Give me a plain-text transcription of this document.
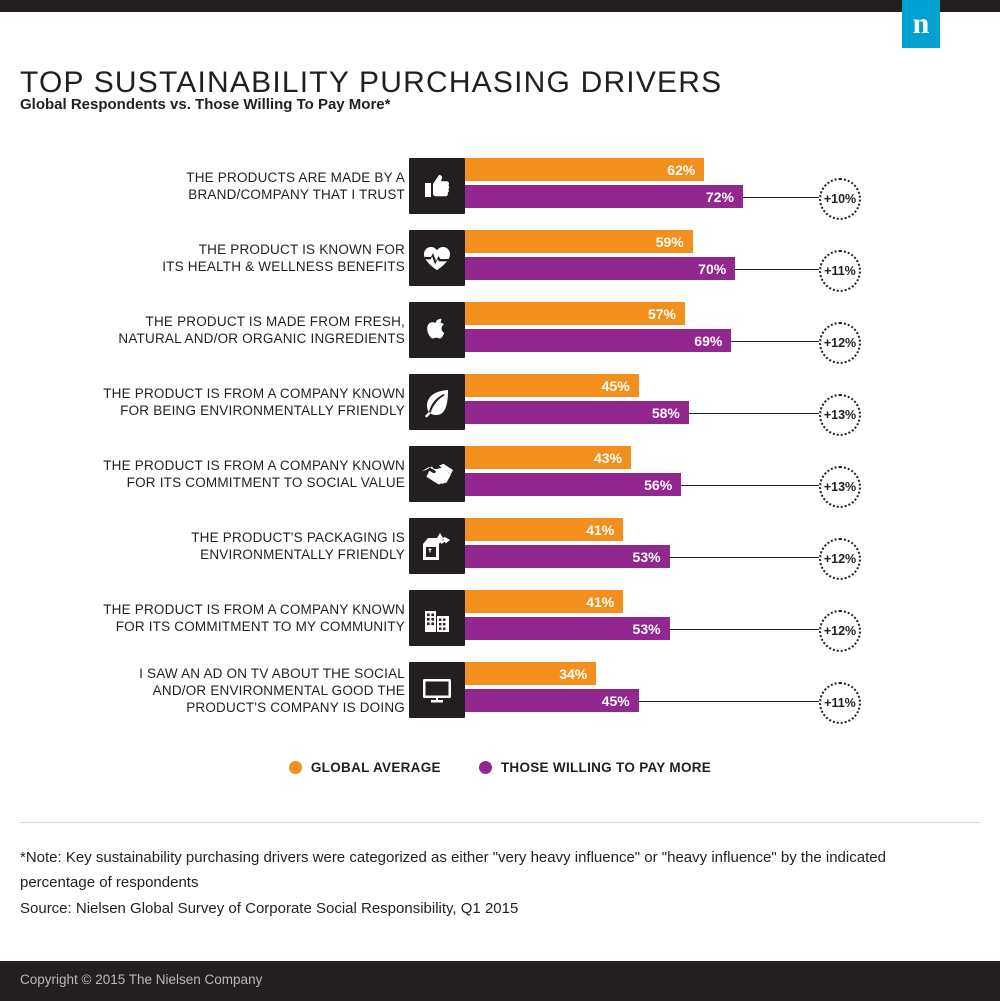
n
TOP SUSTAINABILITY PURCHASING DRIVERS
Global Respondents vs. Those Willing To Pay More*
THE PRODUCTS ARE MADE BY A
BRAND/COMPANY THAT I TRUST
62%
72%	+10%
THE PRODUCT IS KNOWN FOR
ITS HEALTH & WELLNESS BENEFITS
59%
70%	+11%
THE PRODUCT IS MADE FROM FRESH,
NATURAL AND/OR ORGANIC INGREDIENTS
57%
69%	+12%
THE PRODUCT IS FROM A COMPANY KNOWN
FOR BEING ENVIRONMENTALLY FRIENDLY
45%
58%	+13%
THE PRODUCT IS FROM A COMPANY KNOWN
FOR ITS COMMITMENT TO SOCIAL VALUE
43%
56%	+13%
THE PRODUCT'S PACKAGING IS
ENVIRONMENTALLY FRIENDLY
41%
53%	+12%
THE PRODUCT IS FROM A COMPANY KNOWN
FOR ITS COMMITMENT TO MY COMMUNITY
41%
53%	+12%
I SAW AN AD ON TV ABOUT THE SOCIAL
AND/OR ENVIRONMENTAL GOOD THE
PRODUCT'S COMPANY IS DOING
34%
45%	+11%
GLOBAL AVERAGE	THOSE WILLING TO PAY MORE
*Note: Key sustainability purchasing drivers were categorized as either "very heavy influence" or "heavy influence" by the indicated percentage of respondents
Source: Nielsen Global Survey of Corporate Social Responsibility, Q1 2015
Copyright © 2015 The Nielsen Company
